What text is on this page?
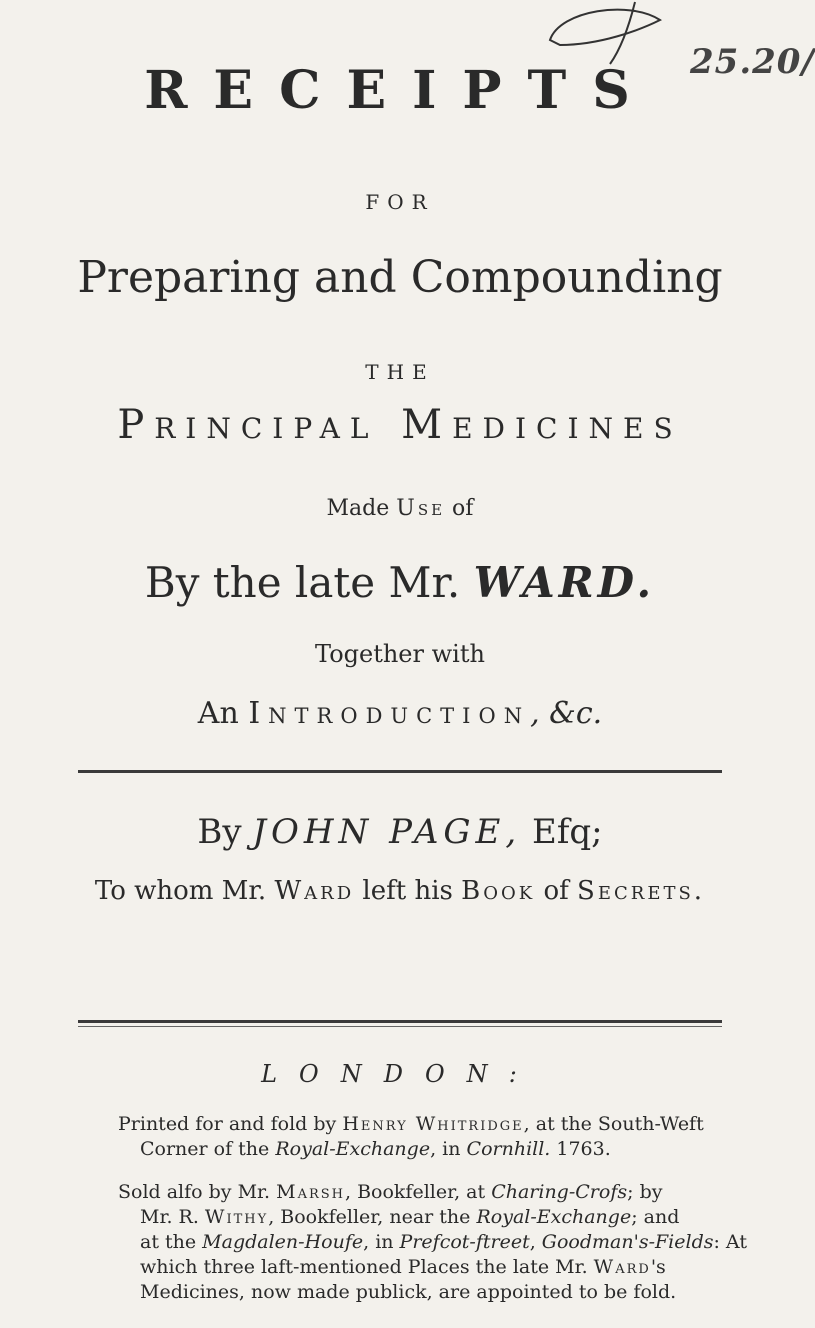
25.20/
RECEIPTS
FOR
Preparing and Compounding
THE
Principal Medicines
Made Use of
By the late Mr. WARD.
Together with
An Introduction, &c.
By JOHN PAGE, Efq;
To whom Mr. Ward left his Book of Secrets.
LONDON:
Printed for and fold by Henry Whitridge, at the South-Weft
Corner of the Royal-Exchange, in Cornhill. 1763.
Sold alfo by Mr. Marsh, Bookfeller, at Charing-Crofs; by
Mr. R. Withy, Bookfeller, near the Royal-Exchange; and
at the Magdalen-Houfe, in Prefcot-ftreet, Goodman's-Fields: At
which three laft-mentioned Places the late Mr. Ward's
Medicines, now made publick, are appointed to be fold.
